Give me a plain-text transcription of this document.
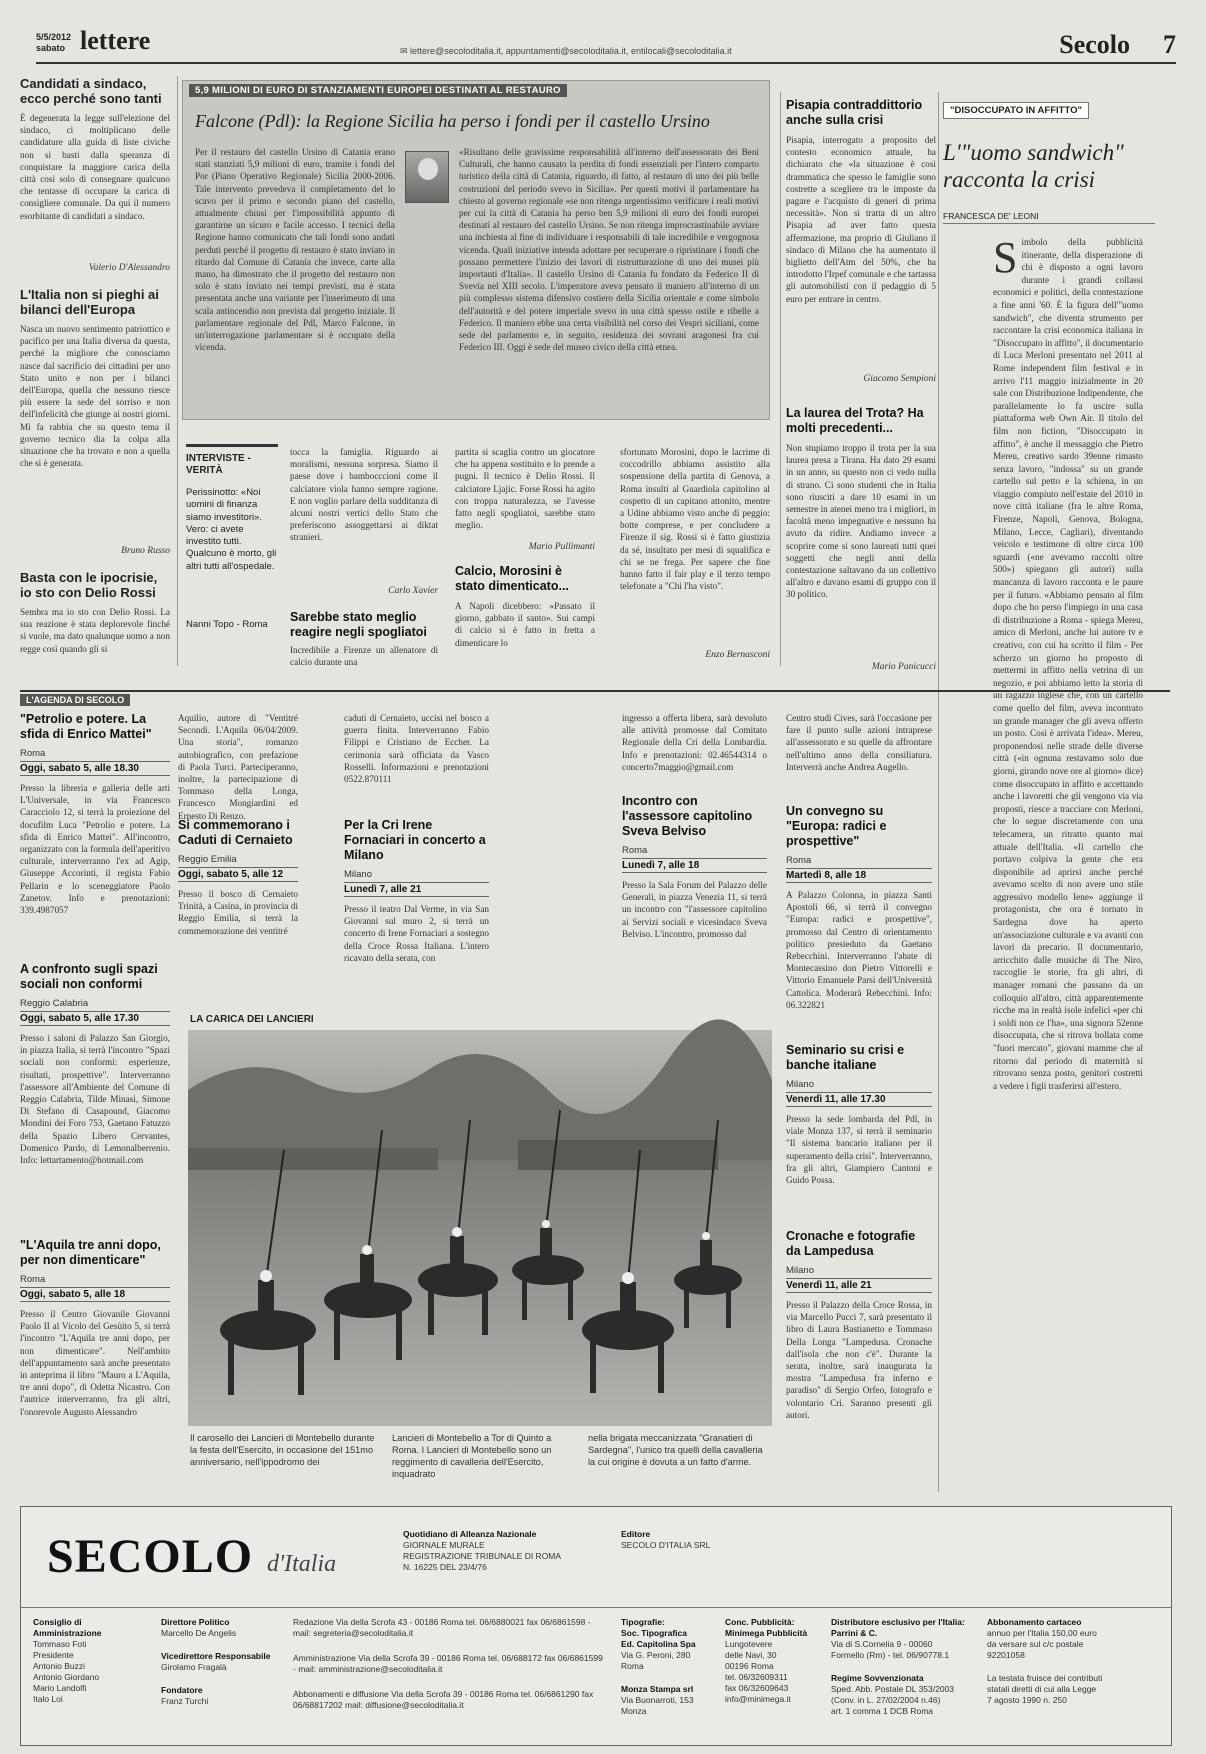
5/5/2012
sabato lettere	✉ lettere@secoloditalia.it, appuntamenti@secoloditalia.it, entilocali@secoloditalia.it	Secolo 7
Candidati a sindaco, ecco perché sono tanti
È degenerata la legge sull'elezione del sindaco, ci moltiplicano delle candidature alla guida di liste civiche non si basti dalla speranza di conquistare la maggiore carica della città così solo di consegnare qualcuno che tentasse di occupare la carica di consigliere comunale. Da qui il numero esorbitante di candidati a sindaco.
Valerio D'Alessandro
L'Italia non si pieghi ai bilanci dell'Europa
Nasca un nuovo sentimento patriottico e pacifico per una Italia diversa da questa, perché la migliore che conosciamo nasce dal sacrificio dei cittadini per uno Stato unito e non per i bilanci dell'Europa, quella che nessuno riesce più essere la sede del sorriso e non dell'infelicità che giunge ai nostri giorni. Mi fa rabbia che su questo tema il governo tecnico dia la colpa alla situazione che ha trovato e non a quella che si è generata.
Bruno Russo
Basta con le ipocrisie, io sto con Delio Rossi
Sembra ma io sto con Delio Rossi. La sua reazione è stata deplorevole finché si vuole, ma dato qualunque uomo a non regge così quando gli si
5,9 MILIONI DI EURO DI STANZIAMENTI EUROPEI DESTINATI AL RESTAURO
Falcone (Pdl): la Regione Sicilia ha perso i fondi per il castello Ursino
Per il restauro del castello Ursino di Catania erano stati stanziati 5,9 milioni di euro, tramite i fondi del Por (Piano Operativo Regionale) Sicilia 2000-2006. Tale intervento prevedeva il completamento del lo scavo per il primo e secondo piano del castello, attualmente chiusi per l'impossibilità appunto di garantirne un sicuro e facile accesso. I tecnici della Regione hanno comunicato che tali fondi sono andati perduti perché il progetto di restauro è stato inviato in ritardo dal Comune di Catania che invece, carte alla mano, ha dimostrato che il progetto del restauro non solo è stato inviato nei tempi previsti, ma è stata presentata anche una variante per l'inserimento di una scala antincendio non prevista dal progetto iniziale. Il parlamentare regionale del Pdl, Marco Falcone, in un'interrogazione parlamentare si è occupato della vicenda.
«Risultano delle gravissime responsabilità all'interno dell'assessorato dei Beni Culturali, che hanno causato la perdita di fondi essenziali per l'intero comparto turistico della città di Catania, riguardo, di fatto, al restauro di uno dei più belle costruzioni del periodo svevo in Sicilia». Per questi motivi il parlamentare ha chiesto al governo regionale «se non ritenga urgentissimo verificare i reali motivi per cui la città di Catania ha perso ben 5,9 milioni di euro dei fondi europei destinati al restauro del castello Ursino. Se non ritenga improcrastinabile avviare una inchiesta al fine di individuare i responsabili di tale incredibile e vergognosa vicenda. Quali iniziative intenda adottare per recuperare o ripristinare i fondi che possano permettere l'inizio dei lavori di ristrutturazione di uno dei musei più importanti d'Italia». Il castello Ursino di Catania fu fondato da Federico II di Svevia nel XIII secolo. L'imperatore aveva pensato il maniero all'interno di un più complesso sistema difensivo costiero della Sicilia orientale e come simbolo dell'autorità e del potere imperiale svevo in una città spesso ostile e ribelle a Federico. Il maniero ebbe una certa visibilità nel corso dei Vespri siciliani, come sede del parlamento e, in seguito, residenza dei sovrani aragonesi fra cui Federico III. Oggi è sede del museo civico della città etnea.
INTERVISTE - VERITÀ
Perissinotto: «Noi uomini di finanza siamo investitori». Vero: ci avete investito tutti. Qualcuno è morto, gli altri tutti all'ospedale.
Nanni Topo - Roma
tocca la famiglia. Riguardo ai moralismi, nessuna sorpresa. Siamo il paese dove i bambocccioni come il calciatore viola hanno sempre ragione. E non voglio parlare della sudditanza di alcuni nostri vertici dello Stato che preferiscono assoggettarsi ai diktat stranieri.
Carlo Xavier
Sarebbe stato meglio reagire negli spogliatoi
Incredibile a Firenze un allenatore di calcio durante una
partita si scaglia contro un giocatore che ha appena sostituito e lo prende a pugni. Il tecnico è Delio Rossi. Il calciatore Ljajic. Forse Rossi ha agito con troppa naturalezza, se l'avesse fatto negli spogliatoi, sarebbe stato meglio.
Mario Pullimanti
Calcio, Morosini è stato dimenticato...
A Napoli dicebbero: «Passato il giorno, gabbato il santo». Sui campi di calcio si è fatto in fretta a dimenticare lo
sfortunato Morosini, dopo le lacrime di coccodrillo abbiamo assistito alla sospensione della partita di Genova, a Roma insulti al Guardiola capitolino al cospetto di un capitano attonito, mentre a Udine abbiamo visto anche di peggio: botte comprese, e per concludere a Firenze il sig. Rossi si è fatto giustizia da sé, insultato per mesi di squalifica e chi se ne frega. Per sapere che fine hanno fatto il fair play e il terzo tempo telefonate a "Chi l'ha visto".
Enzo Bernasconi
Pisapia contraddittorio anche sulla crisi
Pisapia, interrogato a proposito del contesto economico attuale, ha dichiarato che «la situazione è così drammatica che spesso le famiglie sono costrette a scegliere tra le imposte da pagare e l'acquisto di generi di prima necessità». Non si tratta di un altro Pisapia ad aver fatto questa affermazione, ma proprio di Giuliano il sindaco di Milano che ha aumentato il biglietto dell'Atm del 50%, che ha introdotto l'Irpef comunale e che tartassa gli automobilisti con il pedaggio di 5 euro per entrare in centro.
Giacomo Sempioni
La laurea del Trota? Ha molti precedenti...
Non stupiamo troppo il trota per la sua laurea presa a Tirana. Ha dato 29 esami in un anno, su questo non ci vedo nulla di strano. Ci sono studenti che in Italia sono riusciti a dare 10 esami in un semestre in atenei meno tra i migliori, in facoltà meno impegnative e nessuno ha avuto da ridire. Andiamo invece a scoprire come si sono laureati tutti quei soggetti che negli anni della contestazione saltavano da un collettivo all'altro e davano esami di gruppo con il 30 politico.
Mario Panicucci
"DISOCCUPATO IN AFFITTO"
L'"uomo sandwich" racconta la crisi
FRANCESCA DE' LEONI
Simbolo della pubblicità itinerante, della disperazione di chi è disposto a ogni lavoro durante i grandi collassi economici e politici, della contestazione a fine anni '60. È la figura dell'"uomo sandwich", che diventa strumento per raccontare la crisi economica italiana in "Disoccupato in affitto", il documentario di Luca Merloni presentato nel 2011 al Rome independent film festival e in arrivo l'11 maggio inizialmente in 20 sale con Distribuzione Indipendente, che parallelamente lo fa uscire sulla piattaforma web Own Air. Il titolo del film non fiction, "Disoccupato in affitto", è anche il messaggio che Pietro Mereu, creativo sardo 39enne rimasto senza lavoro, "indossa" su un grande cartello sul petto e la schiena, in un viaggio compiuto nell'estate del 2010 in nove città italiane (fra le altre Roma, Firenze, Napoli, Genova, Bologna, Milano, Lecce, Cagliari), diventando veicolo e testimone di oltre circa 100 sguardi («ne avevamo raccolti oltre 500») spiegano gli autori) sulla mancanza di lavoro racconta e le paure per il futuro. «Abbiamo pensato al film dopo che ho perso l'impiego in una casa di distribuzione a Roma - spiega Mereu, amico di Merloni, anche lui autore tv e creativo, con cui ha scritto il film - Per scherzo un giorno ho proposto di mettermi in affitto nella vetrina di un negozio, e poi abbiamo letto la storia di un ragazzo inglese che, con un cartello come quello del film, aveva incontrato un grande manager che gli aveva offerto un posto. Così è arrivata l'idea». Mereu, proponendosi nelle strade delle diverse città («in ognuna restavamo solo due giorni, girando nove ore al giorno» dice) come disoccupato in affitto e accettando anche i lavoretti che gli vengono via via proposti, riesce a tracciare con Merloni, che lo segue discretamente con una telecamera, un ritratto quanto mai attuale dell'Italia. «Il cartello che portavo colpiva la gente che era disponibile ad aprirsi anche perché avevamo scelto di non avere uno stile aggressivo modello Iene» aggiunge il protagonista, che ora è tornato in Sardegna dove ha aperto un'associazione culturale e va avanti con lavori da precario. Il documentario, arricchito dalle musiche di The Niro, raccoglie le storie, fra gli altri, di manager romani che passano da un colloquio all'altro, città apparentemente ricche ma in realtà isole infelici «per chi i soldi non ce l'ha», una signora 52enne disoccupata, che si ritrova bollata come "fuori mercato", giovani mamme che al ritorno dal periodo di maternità si ritrovano senza posto, genitori costretti a vedere i figli trasferirsi all'estero.
L'AGENDA DI SECOLO
"Petrolio e potere. La sfida di Enrico Mattei"
Roma
Oggi, sabato 5, alle 18.30
Presso la libreria e galleria delle arti L'Universale, in via Francesco Caracciolo 12, si terrà la proiezione del docufilm Luca "Petrolio e potere. La sfida di Enrico Mattei". All'incontro, organizzato con la formula dell'aperitivo culturale, interverranno l'ex ad Agip, Giuseppe Accorinti, il regista Fabio Pellarin e lo sceneggiatore Paolo Zanetov. Info e prenotazioni: 339.4987057
A confronto sugli spazi sociali non conformi
Reggio Calabria
Oggi, sabato 5, alle 17.30
Presso i saloni di Palazzo San Giorgio, in piazza Italia, si terrà l'incontro "Spazi sociali non conformi: esperienze, risultati, prospettive". Interverranno l'assessore all'Ambiente del Comune di Reggio Calabria, Tilde Minasi, Simone Di Stefano di Casapound, Giacomo Mondini dei Foro 753, Gaetano Fatuzzo della Spazio Libero Cervantes, Domenico Pardo, di Lemonalberrenio. Info: lettartamento@hotmail.com
"L'Aquila tre anni dopo, per non dimenticare"
Roma
Oggi, sabato 5, alle 18
Presso il Centro Giovanile Giovanni Paolo II al Vicolo del Gesùito 5, si terrà l'incontro "L'Aquila tre anni dopo, per non dimenticare". Nell'ambito dell'appuntamento sarà anche presentato in anteprima il libro "Mauro a L'Aquila, tre anni dopo", di Odetta Nicastro. Con l'autrice interverranno, fra gli altri, l'onorevole Augusto Alessandro
Aquilio, autore di "Ventitré Secondi. L'Aquila 06/04/2009. Una storia", romanzo autobiografico, con prefazione di Paola Turci. Parteciperanno, inoltre, la partecipazione di Tommaso della Longa, Francesco Mongiardini ed Ernesto Di Renzo.
Si commemorano i Caduti di Cernaieto
Reggio Emilia
Oggi, sabato 5, alle 12
Presso il bosco di Cernaieto Trinità, a Casina, in provincia di Reggio Emilia, si terrà la commemorazione dei ventitré
caduti di Cernaieto, uccisi nel bosco a guerra finita. Interverranno Fabio Filippi e Cristiano de Eccher. La cerimonia sarà officiata da Vasco Rosselli. Informazioni e prenotazioni 0522.870111
Per la Cri Irene Fornaciari in concerto a Milano
Milano
Lunedì 7, alle 21
Presso il teatro Dal Verme, in via San Giovanni sul muro 2, si terrà un concerto di Irene Fornaciari a sostegno della Croce Rossa Italiana. L'intero ricavato della serata, con
ingresso a offerta libera, sarà devoluto alle attività promosse dal Comitato Regionale della Cri della Lombardia. Info e prenotazioni: 02.46544314 o concerto7maggio@gmail.com
Incontro con l'assessore capitolino Sveva Belviso
Roma
Lunedì 7, alle 18
Presso la Sala Forum del Palazzo delle Generali, in piazza Venezia 11, si terrà un incontro con "l'assessore capitolino ai Servizi sociali e vicesindaco Sveva Belviso. L'incontro, promosso dal
Centro studi Cives, sarà l'occasione per fare il punto sulle azioni intraprese all'assessorato e su quelle da affrontare nell'ultimo anno della consiliatura. Interverrà anche Andrea Augello.
Un convegno su "Europa: radici e prospettive"
Roma
Martedì 8, alle 18
A Palazzo Colonna, in piazza Santi Apostoli 66, si terrà il convegno "Europa: radici e prospettive", promosso dal Centro di orientamento politico presieduto da Gaetano Rebecchini. Interverranno l'abate di Montecassino don Pietro Vittorelli e Vittorio Emanuele Parsi dell'Università Cattolica. Moderarà Rebecchini. Info: 06.322821
Seminario su crisi e banche italiane
Milano
Venerdì 11, alle 17.30
Presso la sede lombarda del Pdl, in viale Monza 137, si terrà il seminario "Il sistema bancario italiano per il superamento della crisi". Interverranno, fra gli altri, Giampiero Cantoni e Guido Possa.
Cronache e fotografie da Lampedusa
Milano
Venerdì 11, alle 21
Presso il Palazzo della Croce Rossa, in via Marcello Pucci 7, sarà presentato il libro di Laura Bastianetto e Tommaso Della Longa "Lampedusa. Cronache dall'isola che non c'è". Durante la serata, inoltre, sarà inaugurata la mostra "Lampedusa fra inferno e paradiso" di Sergio Orfeo, fotografo e volontario Cri. Saranno presenti gli autori.
LA CARICA DEI LANCIERI
Il carosello dei Lancieri di Montebello durante la festa dell'Esercito, in occasione del 151mo anniversario, nell'ippodromo dei
Lancieri di Montebello a Tor di Quinto a Roma. I Lancieri di Montebello sono un reggimento di cavalleria dell'Esercito, inquadrato
nella brigata meccanizzata "Granatieri di Sardegna", l'unico tra quelli della cavalleria la cui origine è dovuta a un fatto d'arme.
SECOLO d'Italia
Quotidiano di Alleanza Nazionale
GIORNALE MURALE
REGISTRAZIONE TRIBUNALE DI ROMA
N. 16225 DEL 23/4/76
Editore
SECOLO D'ITALIA SRL
Consiglio di Amministrazione
Tommaso Foti
Presidente
Antonio Buzzi
Antonio Giordano
Mario Landolfi
Italo Loi
Direttore Politico
Marcello De Angelis
Vicedirettore Responsabile
Girolamo Fragalà
Fondatore
Franz Turchi
Redazione Via della Scrofa 43 - 00186 Roma tel. 06/6880021 fax 06/6861598 - mail: segreteria@secoloditalia.it
Amministrazione Via della Scrofa 39 - 00186 Roma tel. 06/688172 fax 06/6861599 - mail: amministrazione@secoloditalia.it
Abbonamenti e diffusione Via della Scrofa 39 - 00186 Roma tel. 06/6861290 fax 06/68817202 mail: diffusione@secoloditalia.it
Tipografie:
Soc. Tipografica
Ed. Capitolina Spa
Via G. Peroni, 280
Roma
Monza Stampa srl
Via Buonarroti, 153
Monza
Conc. Pubblicità: Minimega Pubblicità
Lungotevere
delle Navi, 30
00196 Roma
tel. 06/32609311
fax 06/32609643
info@minimega.it
Distributore esclusivo per l'Italia: Parrini & C.
Via di S.Cornelia 9 - 00060
Formello (Rm) - tel. 06/90778.1
Regime Sovvenzionata
Sped. Abb. Postale DL 353/2003
(Conv. in L. 27/02/2004 n.46)
art. 1 comma 1 DCB Roma
Abbonamento cartaceo
annuo per l'Italia 150,00 euro
da versare sul c/c postale
92201058
La testata fruisce dei contributi
statali diretti di cui alla Legge
7 agosto 1990 n. 250
